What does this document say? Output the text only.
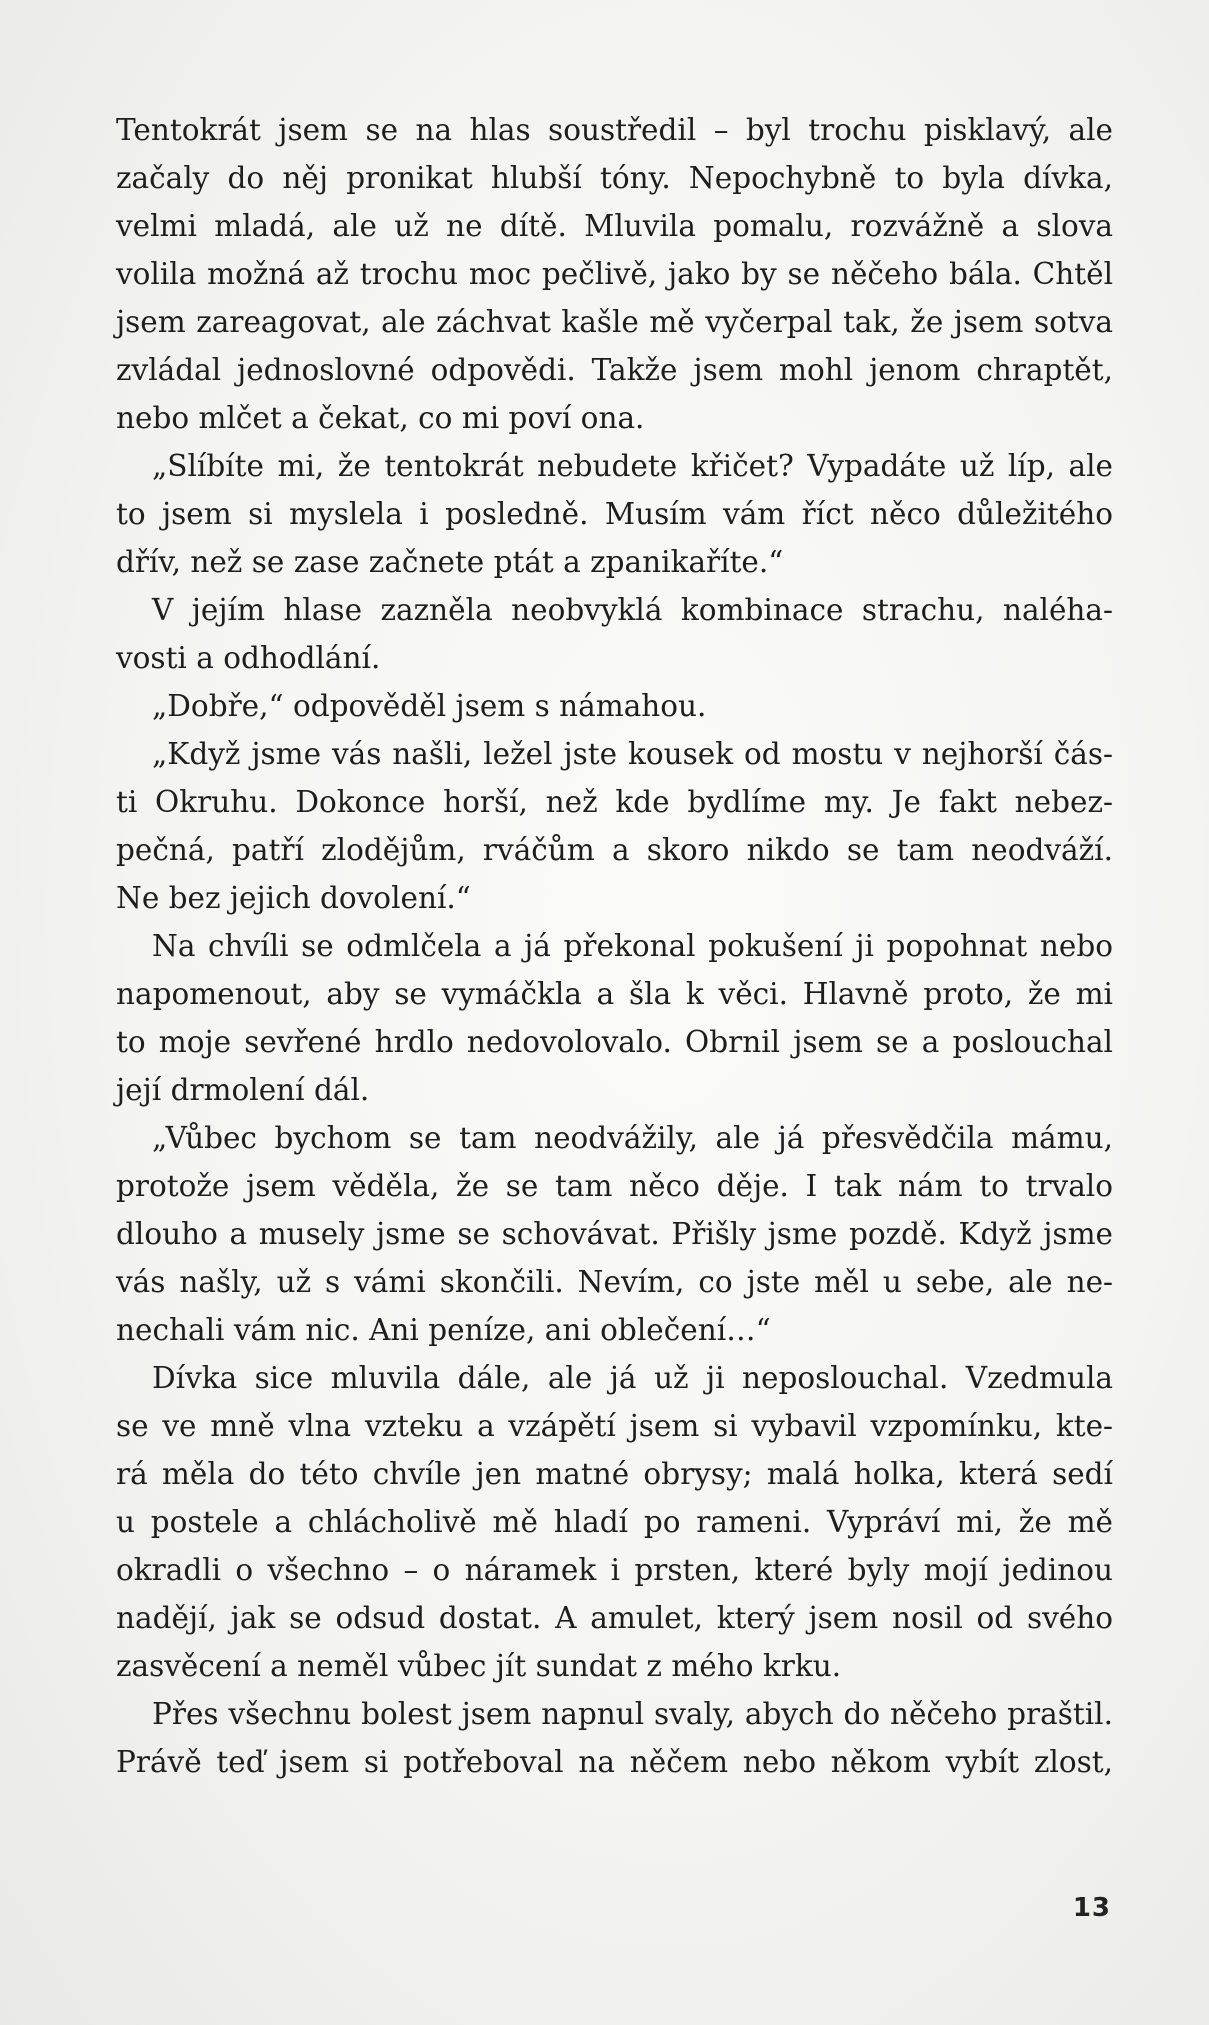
Tentokrát jsem se na hlas soustředil – byl trochu pisklavý, ale
začaly do něj pronikat hlubší tóny. Nepochybně to byla dívka,
velmi mladá, ale už ne dítě. Mluvila pomalu, rozvážně a slova
volila možná až trochu moc pečlivě, jako by se něčeho bála. Chtěl
jsem zareagovat, ale záchvat kašle mě vyčerpal tak, že jsem sotva
zvládal jednoslovné odpovědi. Takže jsem mohl jenom chraptět,
nebo mlčet a čekat, co mi poví ona.
„Slíbíte mi, že tentokrát nebudete křičet? Vypadáte už líp, ale
to jsem si myslela i posledně. Musím vám říct něco důležitého
dřív, než se zase začnete ptát a zpanikaříte.“
V jejím hlase zazněla neobvyklá kombinace strachu, naléha-
vosti a odhodlání.
„Dobře,“ odpověděl jsem s námahou.
„Když jsme vás našli, ležel jste kousek od mostu v nejhorší čás-
ti Okruhu. Dokonce horší, než kde bydlíme my. Je fakt nebez-
pečná, patří zlodějům, rváčům a skoro nikdo se tam neodváží.
Ne bez jejich dovolení.“
Na chvíli se odmlčela a já překonal pokušení ji popohnat nebo
napomenout, aby se vymáčkla a šla k věci. Hlavně proto, že mi
to moje sevřené hrdlo nedovolovalo. Obrnil jsem se a poslouchal
její drmolení dál.
„Vůbec bychom se tam neodvážily, ale já přesvědčila mámu,
protože jsem věděla, že se tam něco děje. I tak nám to trvalo
dlouho a musely jsme se schovávat. Přišly jsme pozdě. Když jsme
vás našly, už s vámi skončili. Nevím, co jste měl u sebe, ale ne-
nechali vám nic. Ani peníze, ani oblečení…“
Dívka sice mluvila dále, ale já už ji neposlouchal. Vzedmula
se ve mně vlna vzteku a vzápětí jsem si vybavil vzpomínku, kte-
rá měla do této chvíle jen matné obrysy; malá holka, která sedí
u postele a chlácholivě mě hladí po rameni. Vypráví mi, že mě
okradli o všechno – o náramek i prsten, které byly mojí jedinou
nadějí, jak se odsud dostat. A amulet, který jsem nosil od svého
zasvěcení a neměl vůbec jít sundat z mého krku.
Přes všechnu bolest jsem napnul svaly, abych do něčeho praštil.
Právě teď jsem si potřeboval na něčem nebo někom vybít zlost,
13
